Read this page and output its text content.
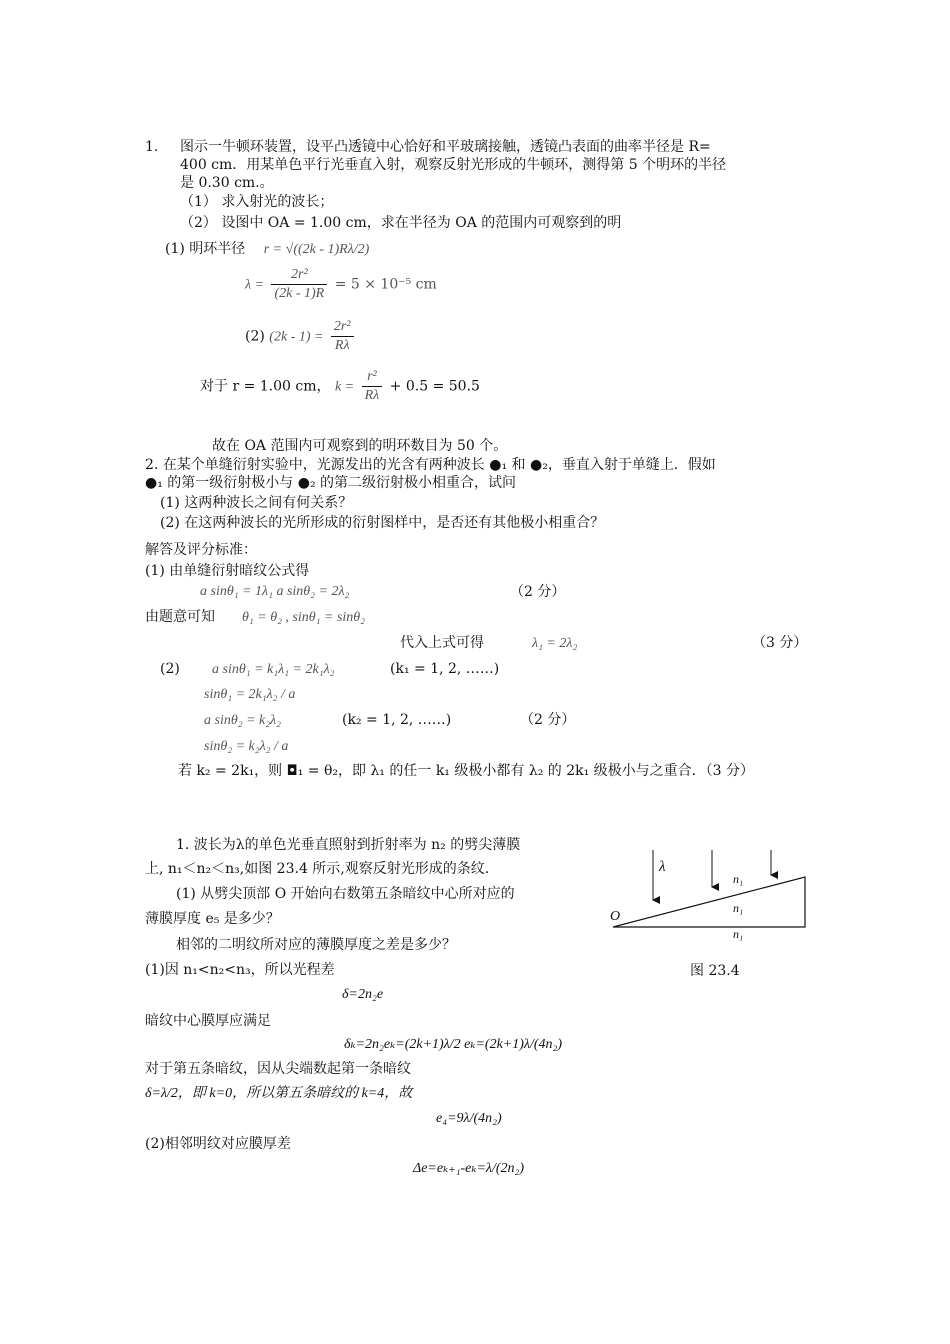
1. 图示一牛顿环装置，设平凸透镜中心恰好和平玻璃接触，透镜凸表面的曲率半径是 R=
400 cm．用某单色平行光垂直入射，观察反射光形成的牛顿环，测得第 5 个明环的半径
是 0.30 cm.。
（1） 求入射光的波长；
（2） 设图中 OA = 1.00 cm，求在半径为 OA 的范围内可观察到的明
(1) 明环半径 r = √((2k - 1)Rλ/2)
$\lambda = \frac{\text{2r²}}{(2k - 1)R} = 5 \times 10^{-5}$ cm
(2) $(2k - 1) = \frac{\text{2r²}}{R\lambda}$
对于 r = 1.00 cm， $k = \frac{\text{r²}}{R\lambda} + 0.5 = 50.5$
故在 OA 范围内可观察到的明环数目为 50 个。
2. 在某个单缝衍射实验中，光源发出的光含有两种波长 ●₁ 和 ●₂，垂直入射于单缝上．假如
●₁ 的第一级衍射极小与 ●₂ 的第二级衍射极小相重合，试问
(1) 这两种波长之间有何关系？
(2) 在这两种波长的光所形成的衍射图样中，是否还有其他极小相重合？
解答及评分标准：
(1) 由单缝衍射暗纹公式得
a sinθ₁ = 1λ₁ a sinθ₂ = 2λ₂	（2 分）
由题意可知 θ₁ = θ₂ , sinθ₁ = sinθ₂
代入上式可得	λ₁ = 2λ₂	（3 分）
(2) a sinθ₁ = k₁λ₁ = 2k₁λ₂	(k₁ = 1, 2, ……)
sinθ₁ = 2k₁λ₂ / a
a sinθ₂ = k₂λ₂	(k₂ = 1, 2, ……)	（2 分）
sinθ₂ = k₂λ₂ / a
若 k₂ = 2k₁，则 ◘₁ = θ₂，即 λ₁ 的任一 k₁ 级极小都有 λ₂ 的 2k₁ 级极小与之重合．（3 分）
1. 波长为λ的单色光垂直照射到折射率为 n₂ 的劈尖薄膜
上, n₁＜n₂＜n₃,如图 23.4 所示,观察反射光形成的条纹.
(1) 从劈尖顶部 O 开始向右数第五条暗纹中心所对应的
薄膜厚度 e₅ 是多少？
相邻的二明纹所对应的薄膜厚度之差是多少？
(1)因 n₁<n₂<n₃，所以光程差
δ=2n₂e
暗纹中心膜厚应满足
δₖ=2n₂eₖ=(2k+1)λ/2 eₖ=(2k+1)λ/(4n₂)
对于第五条暗纹，因从尖端数起第一条暗纹
δ=λ/2，即 k=0，所以第五条暗纹的 k=4，故
e₄=9λ/(4n₂)
(2)相邻明纹对应膜厚差
Δe=eₖ₊₁-eₖ=λ/(2n₂)
λ
O
n₁
n₁
n₁
图 23.4
